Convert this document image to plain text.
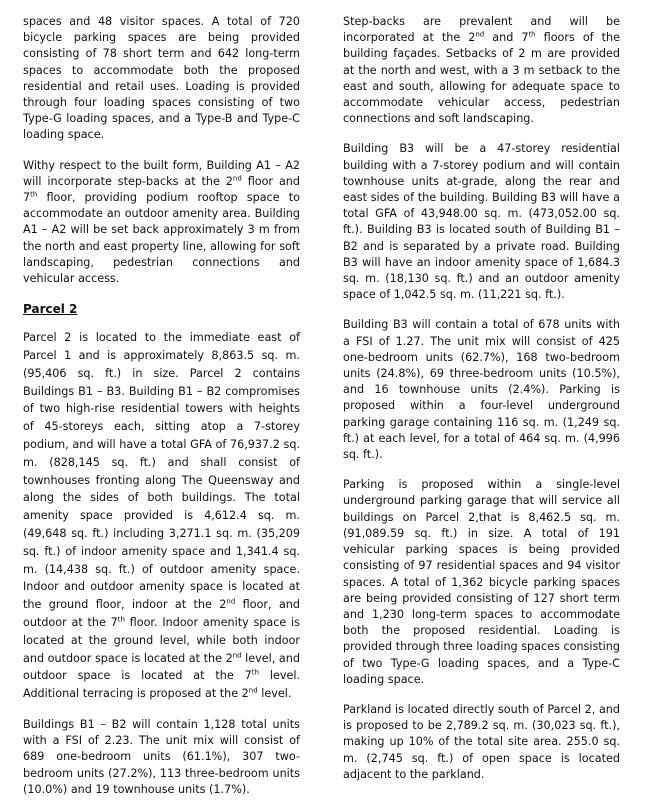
spaces and 48 visitor spaces. A total of 720 bicycle parking spaces are being provided consisting of 78 short term and 642 long-term spaces to accommodate both the proposed residential and retail uses. Loading is provided through four loading spaces consisting of two Type-G loading spaces, and a Type-B and Type-C loading space.

Withy respect to the built form, Building A1 – A2 will incorporate step-backs at the 2nd floor and 7th floor, providing podium rooftop space to accommodate an outdoor amenity area. Building A1 – A2 will be set back approximately 3 m from the north and east property line, allowing for soft landscaping, pedestrian connections and vehicular access.

Parcel 2

Parcel 2 is located to the immediate east of Parcel 1 and is approximately 8,863.5 sq. m. (95,406 sq. ft.) in size. Parcel 2 contains Buildings B1 – B3. Building B1 – B2 compromises of two high-rise residential towers with heights of 45-storeys each, sitting atop a 7-storey podium, and will have a total GFA of 76,937.2 sq. m. (828,145 sq. ft.) and shall consist of townhouses fronting along The Queensway and along the sides of both buildings. The total amenity space provided is 4,612.4 sq. m. (49,648 sq. ft.) including 3,271.1 sq. m. (35,209 sq. ft.) of indoor amenity space and 1,341.4 sq. m. (14,438 sq. ft.) of outdoor amenity space. Indoor and outdoor amenity space is located at the ground floor, indoor at the 2nd floor, and outdoor at the 7th floor. Indoor amenity space is located at the ground level, while both indoor and outdoor space is located at the 2nd level, and outdoor space is located at the 7th level. Additional terracing is proposed at the 2nd level.

Buildings B1 – B2 will contain 1,128 total units with a FSI of 2.23. The unit mix will consist of 689 one-bedroom units (61.1%), 307 two-bedroom units (27.2%), 113 three-bedroom units (10.0%) and 19 townhouse units (1.7%).

Step-backs are prevalent and will be incorporated at the 2nd and 7th floors of the building façades. Setbacks of 2 m are provided at the north and west, with a 3 m setback to the east and south, allowing for adequate space to accommodate vehicular access, pedestrian connections and soft landscaping.

Building B3 will be a 47-storey residential building with a 7-storey podium and will contain townhouse units at-grade, along the rear and east sides of the building. Building B3 will have a total GFA of 43,948.00 sq. m. (473,052.00 sq. ft.). Building B3 is located south of Building B1 – B2 and is separated by a private road. Building B3 will have an indoor amenity space of 1,684.3 sq. m. (18,130 sq. ft.) and an outdoor amenity space of 1,042.5 sq. m. (11,221 sq. ft.).

Building B3 will contain a total of 678 units with a FSI of 1.27. The unit mix will consist of 425 one-bedroom units (62.7%), 168 two-bedroom units (24.8%), 69 three-bedroom units (10.5%), and 16 townhouse units (2.4%). Parking is proposed within a four-level underground parking garage containing 116 sq. m. (1,249 sq. ft.) at each level, for a total of 464 sq. m. (4,996 sq. ft.).

Parking is proposed within a single-level underground parking garage that will service all buildings on Parcel 2,that is 8,462.5 sq. m. (91,089.59 sq. ft.) in size. A total of 191 vehicular parking spaces is being provided consisting of 97 residential spaces and 94 visitor spaces. A total of 1,362 bicycle parking spaces are being provided consisting of 127 short term and 1,230 long-term spaces to accommodate both the proposed residential. Loading is provided through three loading spaces consisting of two Type-G loading spaces, and a Type-C loading space.

Parkland is located directly south of Parcel 2, and is proposed to be 2,789.2 sq. m. (30,023 sq. ft.), making up 10% of the total site area. 255.0 sq. m. (2,745 sq. ft.) of open space is located adjacent to the parkland.
